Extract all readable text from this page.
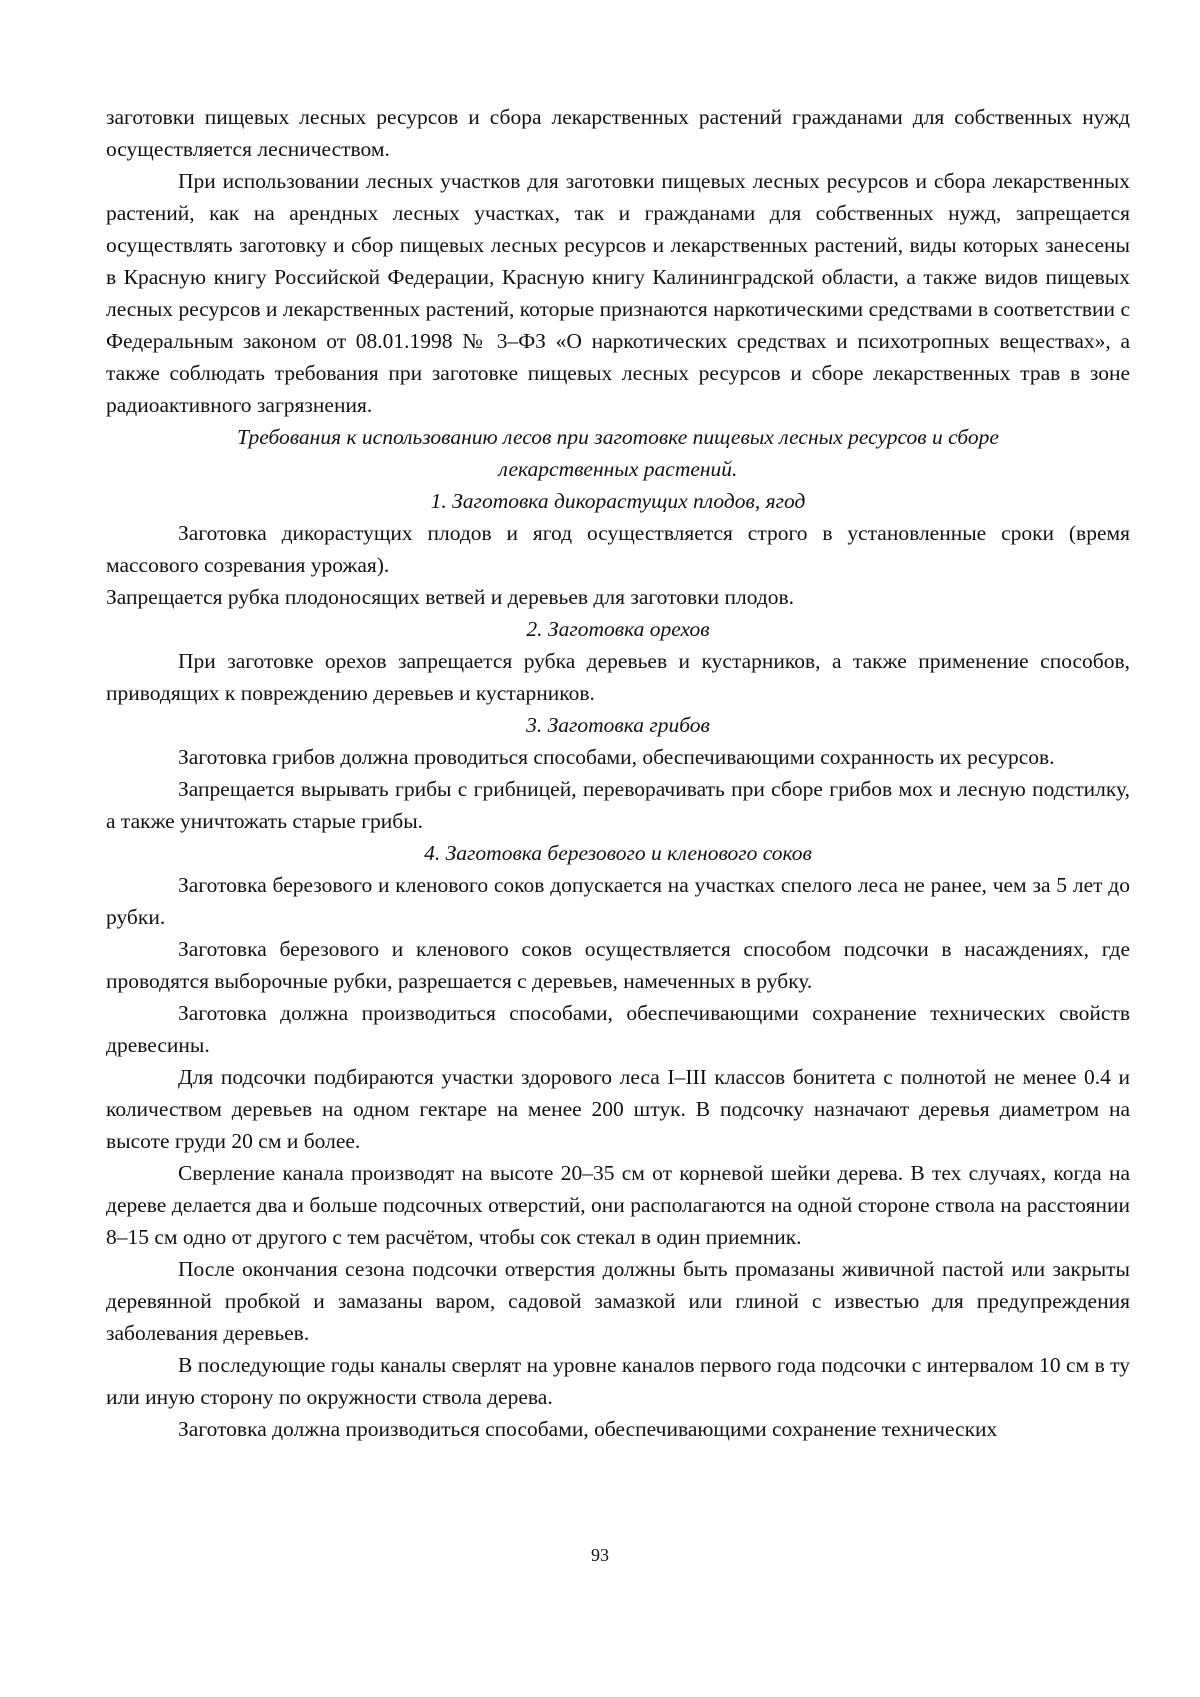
заготовки пищевых лесных ресурсов и сбора лекарственных растений гражданами для собственных нужд осуществляется лесничеством.

При использовании лесных участков для заготовки пищевых лесных ресурсов и сбора лекарственных растений, как на арендных лесных участках, так и гражданами для собственных нужд, запрещается осуществлять заготовку и сбор пищевых лесных ресурсов и лекарственных растений, виды которых занесены в Красную книгу Российской Федерации, Красную книгу Калининградской области, а также видов пищевых лесных ресурсов и лекарственных растений, которые признаются наркотическими средствами в соответствии с Федеральным законом от 08.01.1998 № 3–ФЗ «О наркотических средствах и психотропных веществах», а также соблюдать требования при заготовке пищевых лесных ресурсов и сборе лекарственных трав в зоне радиоактивного загрязнения.

Требования к использованию лесов при заготовке пищевых лесных ресурсов и сборе лекарственных растений.

1. Заготовка дикорастущих плодов, ягод

Заготовка дикорастущих плодов и ягод осуществляется строго в установленные сроки (время массового созревания урожая).

Запрещается рубка плодоносящих ветвей и деревьев для заготовки плодов.

2. Заготовка орехов

При заготовке орехов запрещается рубка деревьев и кустарников, а также применение способов, приводящих к повреждению деревьев и кустарников.

3. Заготовка грибов

Заготовка грибов должна проводиться способами, обеспечивающими сохранность их ресурсов.

Запрещается вырывать грибы с грибницей, переворачивать при сборе грибов мох и лесную подстилку, а также уничтожать старые грибы.

4. Заготовка березового и кленового соков

Заготовка березового и кленового соков допускается на участках спелого леса не ранее, чем за 5 лет до рубки.

Заготовка березового и кленового соков осуществляется способом подсочки в насаждениях, где проводятся выборочные рубки, разрешается с деревьев, намеченных в рубку.

Заготовка должна производиться способами, обеспечивающими сохранение технических свойств древесины.

Для подсочки подбираются участки здорового леса I–III классов бонитета с полнотой не менее 0.4 и количеством деревьев на одном гектаре на менее 200 штук. В подсочку назначают деревья диаметром на высоте груди 20 см и более.

Сверление канала производят на высоте 20–35 см от корневой шейки дерева. В тех случаях, когда на дереве делается два и больше подсочных отверстий, они располагаются на одной стороне ствола на расстоянии 8–15 см одно от другого с тем расчётом, чтобы сок стекал в один приемник.

После окончания сезона подсочки отверстия должны быть промазаны живичной пастой или закрыты деревянной пробкой и замазаны варом, садовой замазкой или глиной с известью для предупреждения заболевания деревьев.

В последующие годы каналы сверлят на уровне каналов первого года подсочки с интервалом 10 см в ту или иную сторону по окружности ствола дерева.

Заготовка должна производиться способами, обеспечивающими сохранение технических

93
